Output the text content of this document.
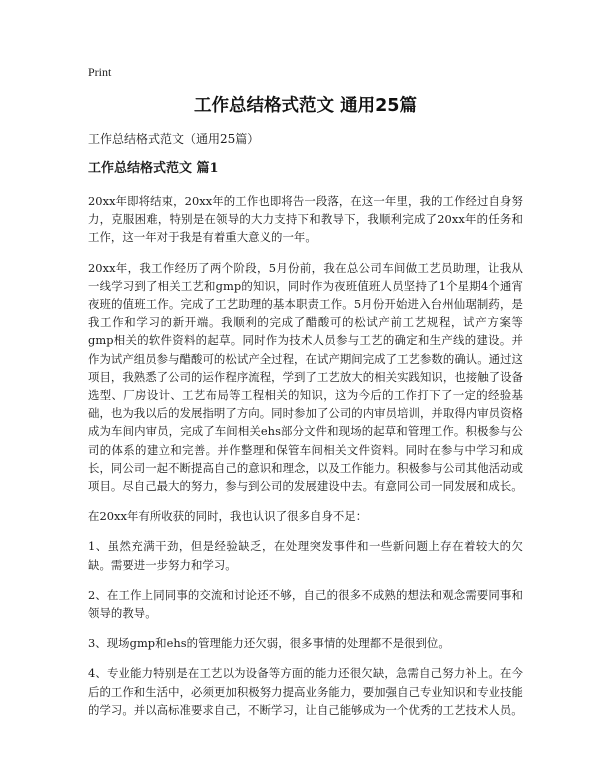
Print
工作总结格式范文 通用25篇
工作总结格式范文（通用25篇）
工作总结格式范文 篇1

20xx年即将结束，20xx年的工作也即将告一段落，在这一年里，我的工作经过自身努力，克服困难，特别是在领导的大力支持下和教导下，我顺利完成了20xx年的任务和工作，这一年对于我是有着重大意义的一年。

20xx年，我工作经历了两个阶段，5月份前，我在总公司车间做工艺员助理，让我从一线学习到了相关工艺和gmp的知识，同时作为夜班值班人员坚持了1个星期4个通宵夜班的值班工作。完成了工艺助理的基本职责工作。5月份开始进入台州仙琚制药，是我工作和学习的新开端。我顺利的完成了醋酸可的松试产前工艺规程，试产方案等gmp相关的软件资料的起草。同时作为技术人员参与工艺的确定和生产线的建设。并作为试产组员参与醋酸可的松试产全过程，在试产期间完成了工艺参数的确认。通过这项目，我熟悉了公司的运作程序流程，学到了工艺放大的相关实践知识，也接触了设备选型、厂房设计、工艺布局等工程相关的知识，这为今后的工作打下了一定的经验基础，也为我以后的发展指明了方向。同时参加了公司的内审员培训，并取得内审员资格成为车间内审员，完成了车间相关ehs部分文件和现场的起草和管理工作。积极参与公司的体系的建立和完善。并作整理和保管车间相关文件资料。同时在参与中学习和成长，同公司一起不断提高自己的意识和理念，以及工作能力。积极参与公司其他活动或项目。尽自己最大的努力，参与到公司的发展建设中去。有意同公司一同发展和成长。

在20xx年有所收获的同时，我也认识了很多自身不足：

1、虽然充满干劲，但是经验缺乏，在处理突发事件和一些新问题上存在着较大的欠缺。需要进一步努力和学习。

2、在工作上同同事的交流和讨论还不够，自己的很多不成熟的想法和观念需要同事和领导的教导。

3、现场gmp和ehs的管理能力还欠弱，很多事情的处理都不是很到位。

4、专业能力特别是在工艺以为设备等方面的能力还很欠缺，急需自己努力补上。在今后的工作和生活中，必须更加积极努力提高业务能力，要加强自己专业知识和专业技能的学习。并以高标准要求自己，不断学习，让自己能够成为一个优秀的工艺技术人员。
